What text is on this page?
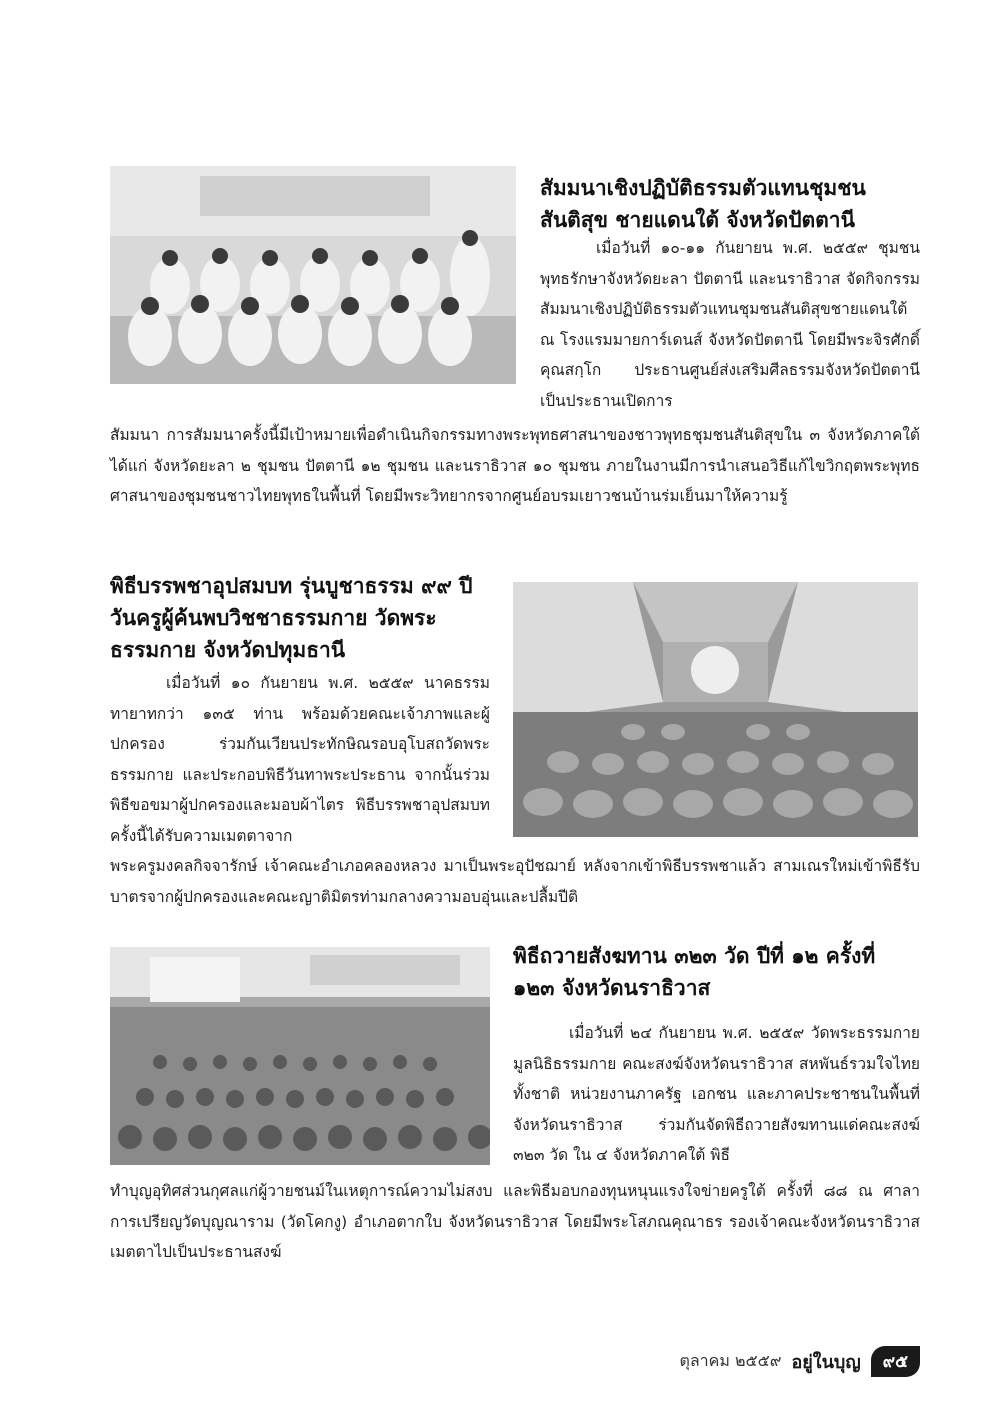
สัมมนาเชิงปฏิบัติธรรมตัวแทนชุมชนสันติสุข ชายแดนใต้ จังหวัดปัตตานี

เมื่อวันที่ ๑๐-๑๑ กันยายน พ.ศ. ๒๕๕๙ ชุมชนพุทธรักษาจังหวัดยะลา ปัตตานี และนราธิวาส จัดกิจกรรมสัมมนาเชิงปฏิบัติธรรมตัวแทนชุมชนสันติสุขชายแดนใต้ ณ โรงแรมมายการ์เดนส์ จังหวัดปัตตานี โดยมีพระจิรศักดิ์ คุณสกฺโก ประธานศูนย์ส่งเสริมศีลธรรมจังหวัดปัตตานี เป็นประธานเปิดการ

สัมมนา การสัมมนาครั้งนี้มีเป้าหมายเพื่อดำเนินกิจกรรมทางพระพุทธศาสนาของชาวพุทธชุมชนสันติสุขใน ๓ จังหวัดภาคใต้ ได้แก่ จังหวัดยะลา ๒ ชุมชน ปัตตานี ๑๒ ชุมชน และนราธิวาส ๑๐ ชุมชน ภายในงานมีการนำเสนอวิธีแก้ไขวิกฤตพระพุทธศาสนาของชุมชนชาวไทยพุทธในพื้นที่ โดยมีพระวิทยากรจากศูนย์อบรมเยาวชนบ้านร่มเย็นมาให้ความรู้

พิธีบรรพชาอุปสมบท รุ่นบูชาธรรม ๙๙ ปี วันครูผู้ค้นพบวิชชาธรรมกาย วัดพระธรรมกาย จังหวัดปทุมธานี

เมื่อวันที่ ๑๐ กันยายน พ.ศ. ๒๕๕๙ นาคธรรมทายาทกว่า ๑๓๕ ท่าน พร้อมด้วยคณะเจ้าภาพและผู้ปกครอง ร่วมกันเวียนประทักษิณรอบอุโบสถวัดพระธรรมกาย และประกอบพิธีวันทาพระประธาน จากนั้นร่วมพิธีขอขมาผู้ปกครองและมอบผ้าไตร พิธีบรรพชาอุปสมบทครั้งนี้ได้รับความเมตตาจาก

พระครูมงคลกิจจารักษ์ เจ้าคณะอำเภอคลองหลวง มาเป็นพระอุปัชฌาย์ หลังจากเข้าพิธีบรรพชาแล้ว สามเณรใหม่เข้าพิธีรับบาตรจากผู้ปกครองและคณะญาติมิตรท่ามกลางความอบอุ่นและปลื้มปีติ

พิธีถวายสังฆทาน ๓๒๓ วัด ปีที่ ๑๒ ครั้งที่ ๑๒๓ จังหวัดนราธิวาส

เมื่อวันที่ ๒๔ กันยายน พ.ศ. ๒๕๕๙ วัดพระธรรมกาย มูลนิธิธรรมกาย คณะสงฆ์จังหวัดนราธิวาส สหพันธ์รวมใจไทยทั้งชาติ หน่วยงานภาครัฐ เอกชน และภาคประชาชนในพื้นที่จังหวัดนราธิวาส ร่วมกันจัดพิธีถวายสังฆทานแด่คณะสงฆ์ ๓๒๓ วัด ใน ๔ จังหวัดภาคใต้ พิธี

ทำบุญอุทิศส่วนกุศลแก่ผู้วายชนม์ในเหตุการณ์ความไม่สงบ และพิธีมอบกองทุนหนุนแรงใจข่ายครูใต้ ครั้งที่ ๘๘ ณ ศาลาการเปรียญวัดบุญณาราม (วัดโคกงู) อำเภอตากใบ จังหวัดนราธิวาส โดยมีพระโสภณคุณาธร รองเจ้าคณะจังหวัดนราธิวาส เมตตาไปเป็นประธานสงฆ์

ตุลาคม ๒๕๕๙ อยู่ในบุญ	๙๕
